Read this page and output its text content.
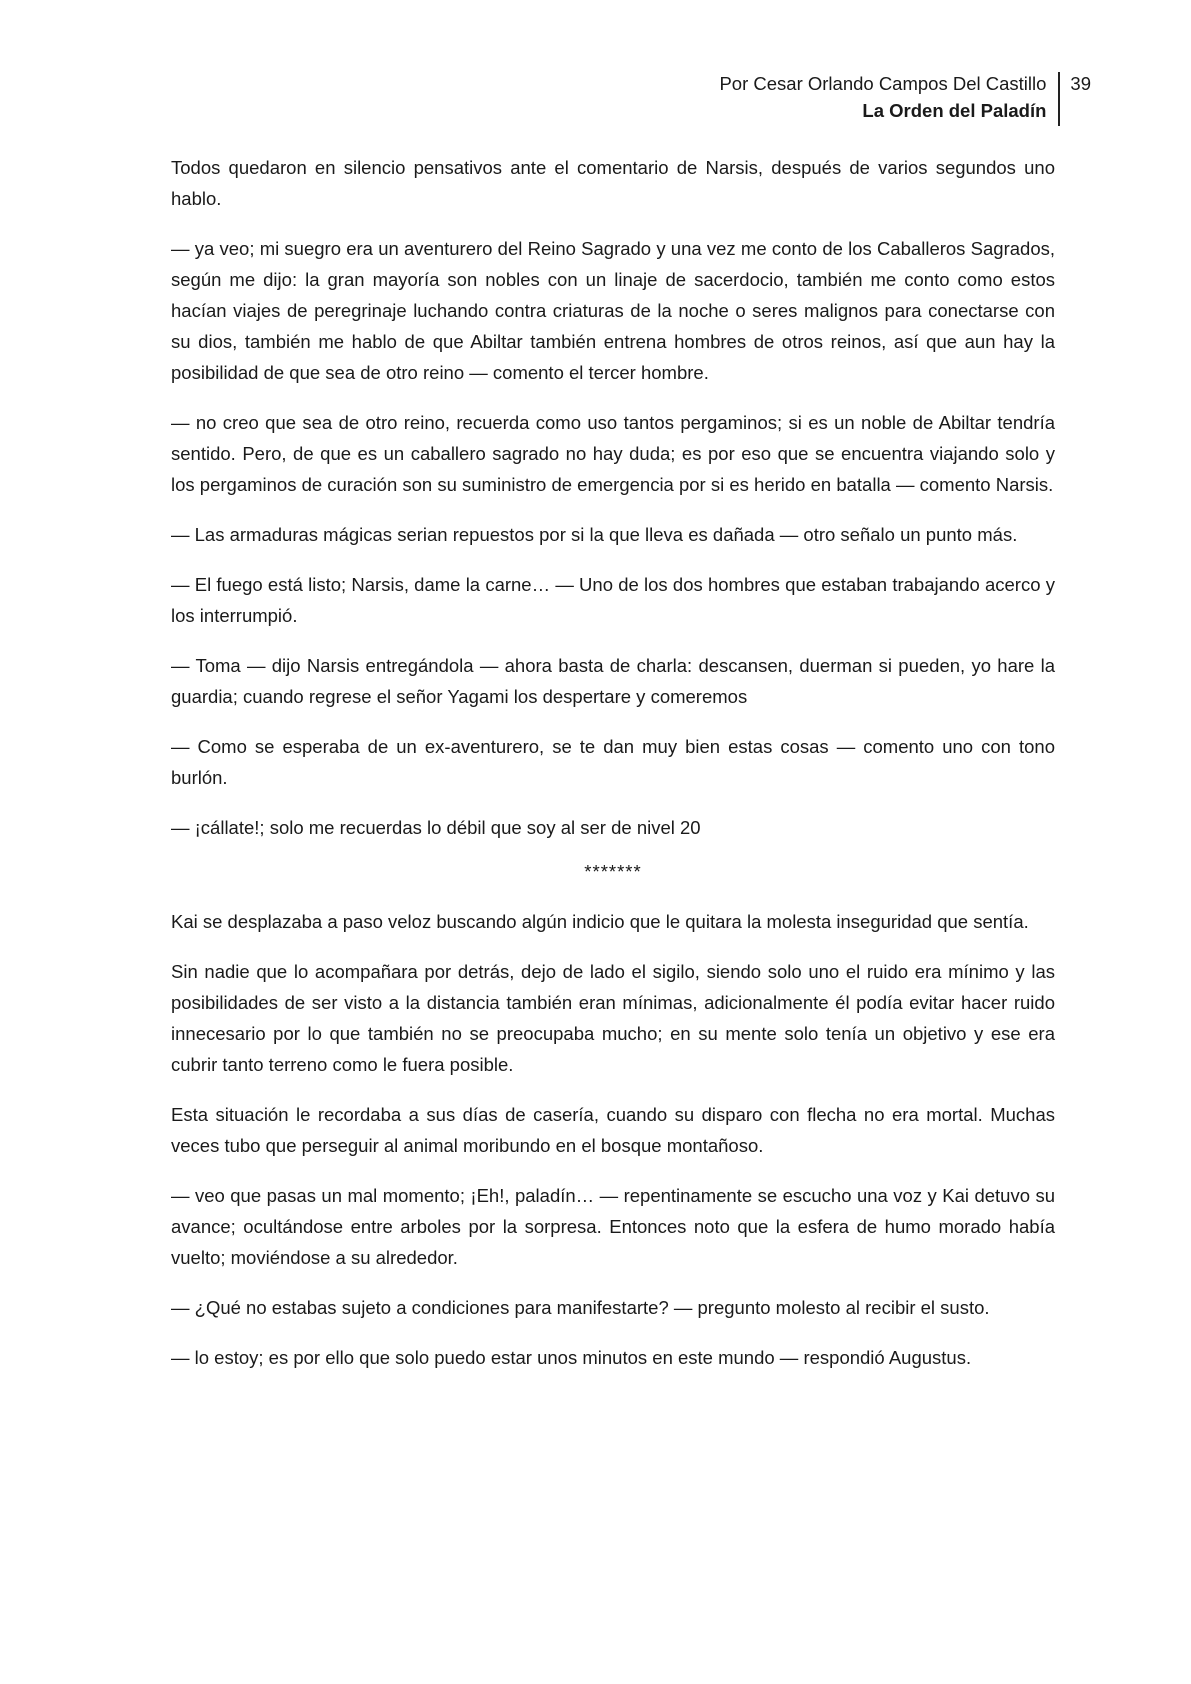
Por Cesar Orlando Campos Del Castillo
La Orden del Paladín
39

Todos quedaron en silencio pensativos ante el comentario de Narsis, después de varios segundos uno hablo.

— ya veo; mi suegro era un aventurero del Reino Sagrado y una vez me conto de los Caballeros Sagrados, según me dijo: la gran mayoría son nobles con un linaje de sacerdocio, también me conto como estos hacían viajes de peregrinaje luchando contra criaturas de la noche o seres malignos para conectarse con su dios, también me hablo de que Abiltar también entrena hombres de otros reinos, así que aun hay la posibilidad de que sea de otro reino — comento el tercer hombre.

— no creo que sea de otro reino, recuerda como uso tantos pergaminos; si es un noble de Abiltar tendría sentido. Pero, de que es un caballero sagrado no hay duda; es por eso que se encuentra viajando solo y los pergaminos de curación son su suministro de emergencia por si es herido en batalla — comento Narsis.

— Las armaduras mágicas serian repuestos por si la que lleva es dañada — otro señalo un punto más.

— El fuego está listo; Narsis, dame la carne… — Uno de los dos hombres que estaban trabajando acerco y los interrumpió.

— Toma — dijo Narsis entregándola — ahora basta de charla: descansen, duerman si pueden, yo hare la guardia; cuando regrese el señor Yagami los despertare y comeremos

— Como se esperaba de un ex-aventurero, se te dan muy bien estas cosas — comento uno con tono burlón.

— ¡cállate!; solo me recuerdas lo débil que soy al ser de nivel 20

*******

Kai se desplazaba a paso veloz buscando algún indicio que le quitara la molesta inseguridad que sentía.

Sin nadie que lo acompañara por detrás, dejo de lado el sigilo, siendo solo uno el ruido era mínimo y las posibilidades de ser visto a la distancia también eran mínimas, adicionalmente él podía evitar hacer ruido innecesario por lo que también no se preocupaba mucho; en su mente solo tenía un objetivo y ese era cubrir tanto terreno como le fuera posible.

Esta situación le recordaba a sus días de casería, cuando su disparo con flecha no era mortal. Muchas veces tubo que perseguir al animal moribundo en el bosque montañoso.

— veo que pasas un mal momento; ¡Eh!, paladín… — repentinamente se escucho una voz y Kai detuvo su avance; ocultándose entre arboles por la sorpresa. Entonces noto que la esfera de humo morado había vuelto; moviéndose a su alrededor.

— ¿Qué no estabas sujeto a condiciones para manifestarte? — pregunto molesto al recibir el susto.

— lo estoy; es por ello que solo puedo estar unos minutos en este mundo — respondió Augustus.
